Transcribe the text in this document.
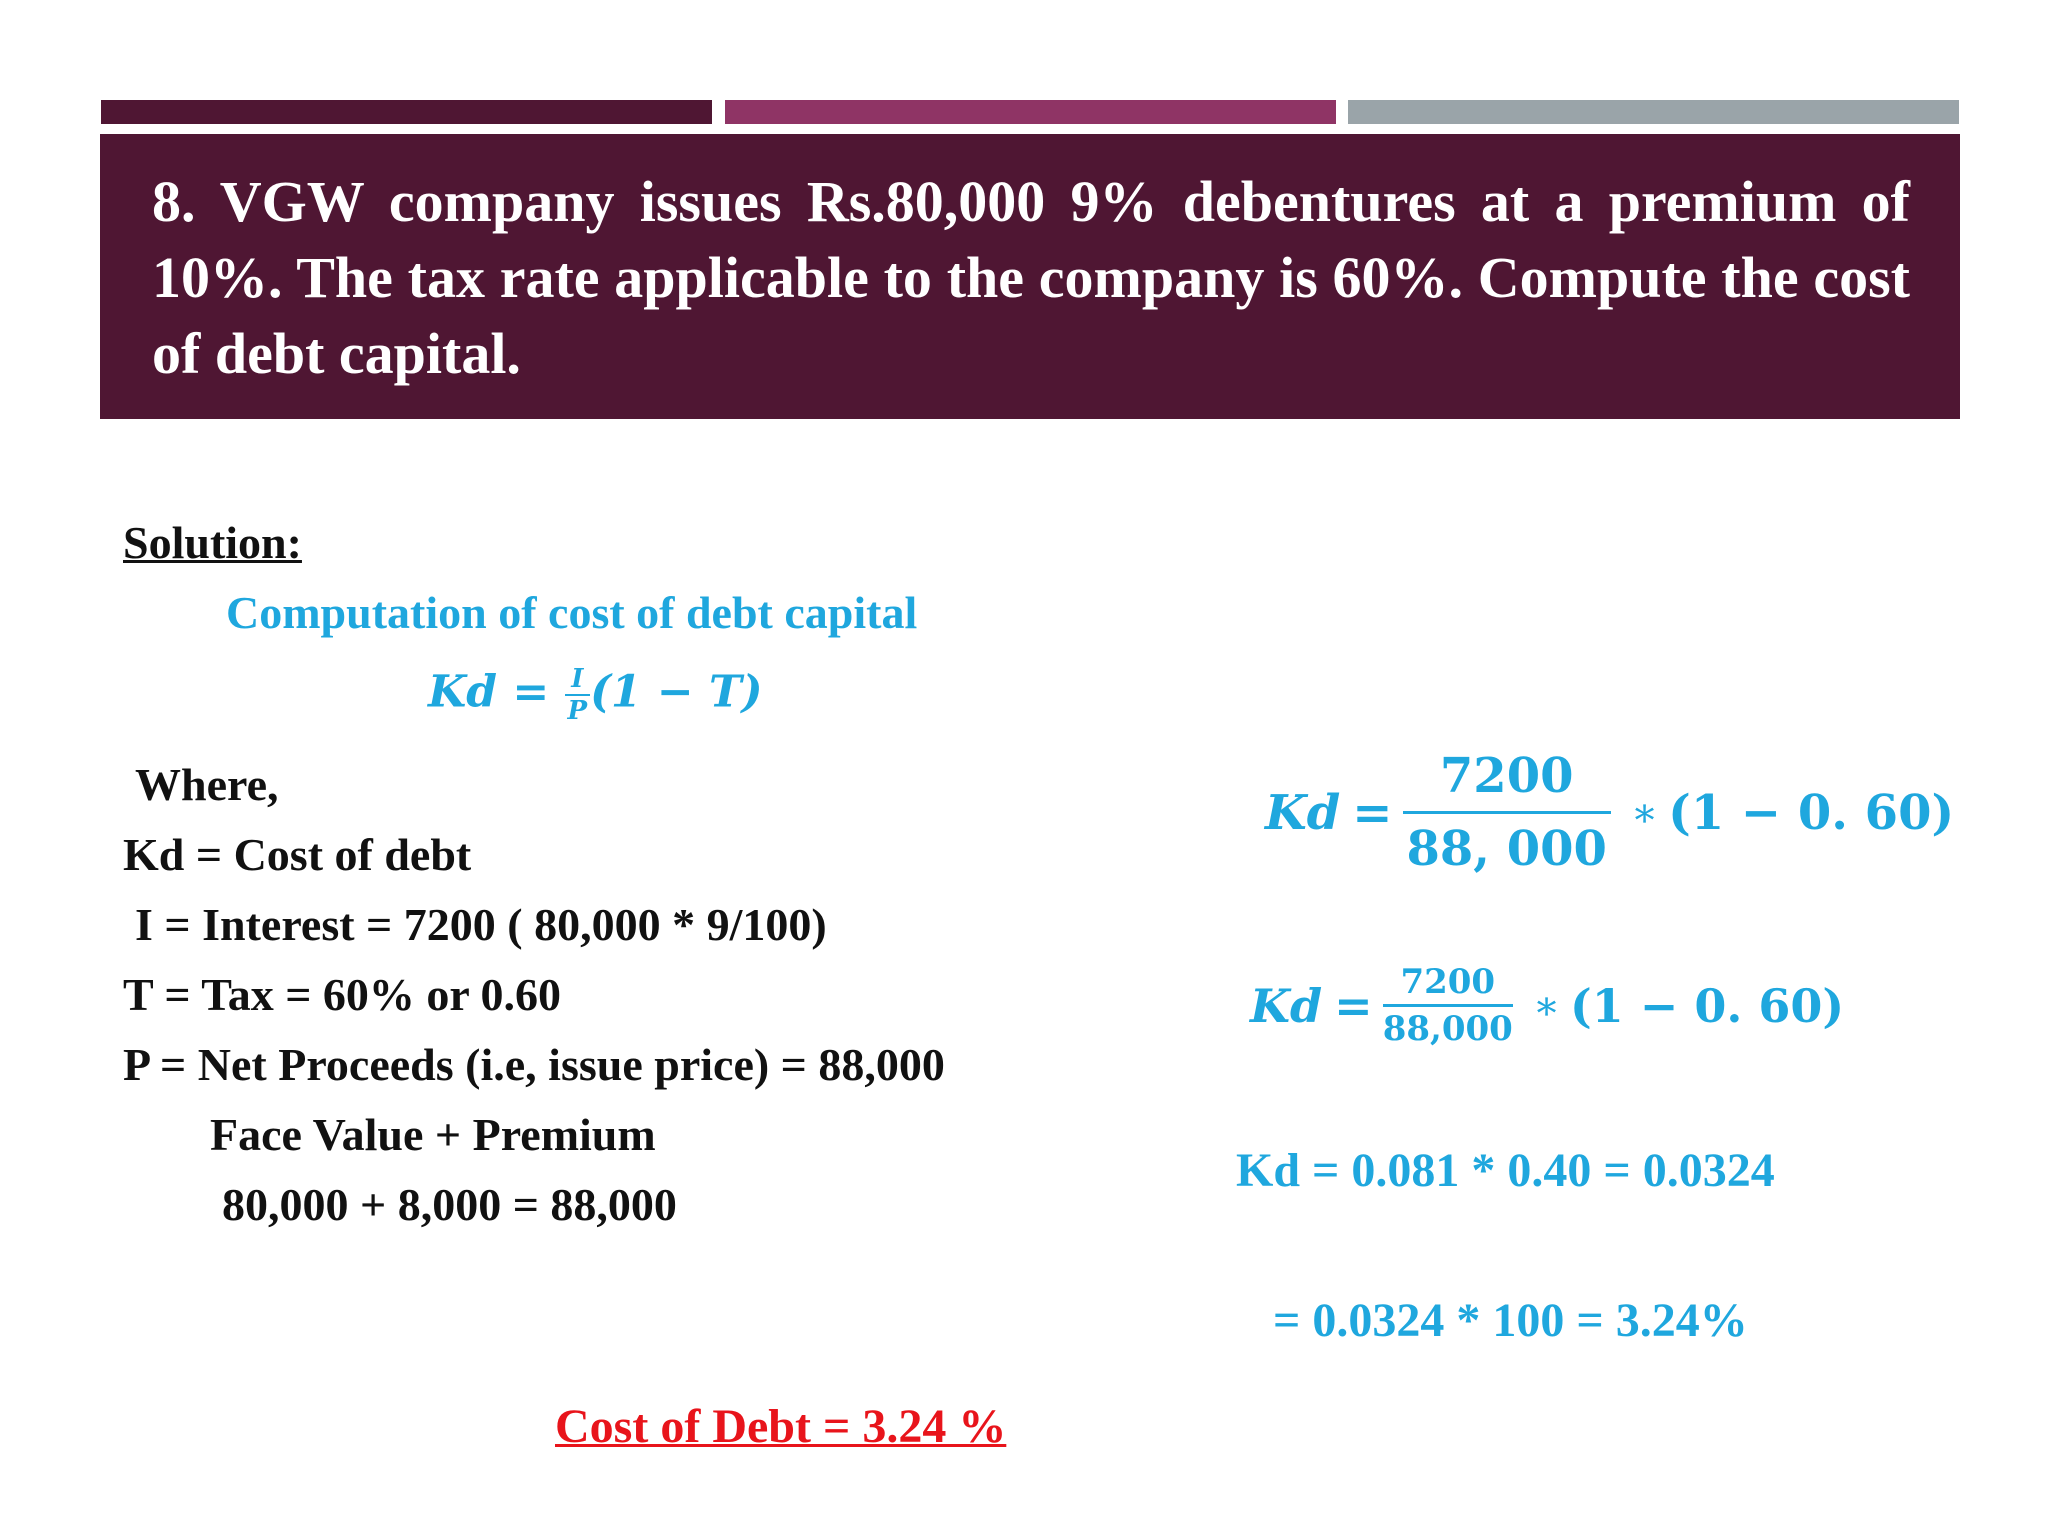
8. VGW company issues Rs.80,000 9% debentures at a premium of 10%. The tax rate applicable to the company is 60%. Compute the cost of debt capital.

Solution:
Computation of cost of debt capital
$Kd = \frac{I}{P} (1 - T)$
Where,
Kd = Cost of debt
I = Interest = 7200 ( 80,000 * 9/100)
T = Tax = 60% or 0.60
P = Net Proceeds (i.e, issue price) = 88,000
Face Value + Premium
80,000 + 8,000 = 88,000
$Kd = \frac{7200}{88, 000}$ ∗ (1 − 0. 60)
$Kd = \frac{7200}{88,000}$ ∗ (1 − 0. 60)
Kd = 0.081 * 0.40 = 0.0324
= 0.0324 * 100 = 3.24%
Cost of Debt = 3.24 %
